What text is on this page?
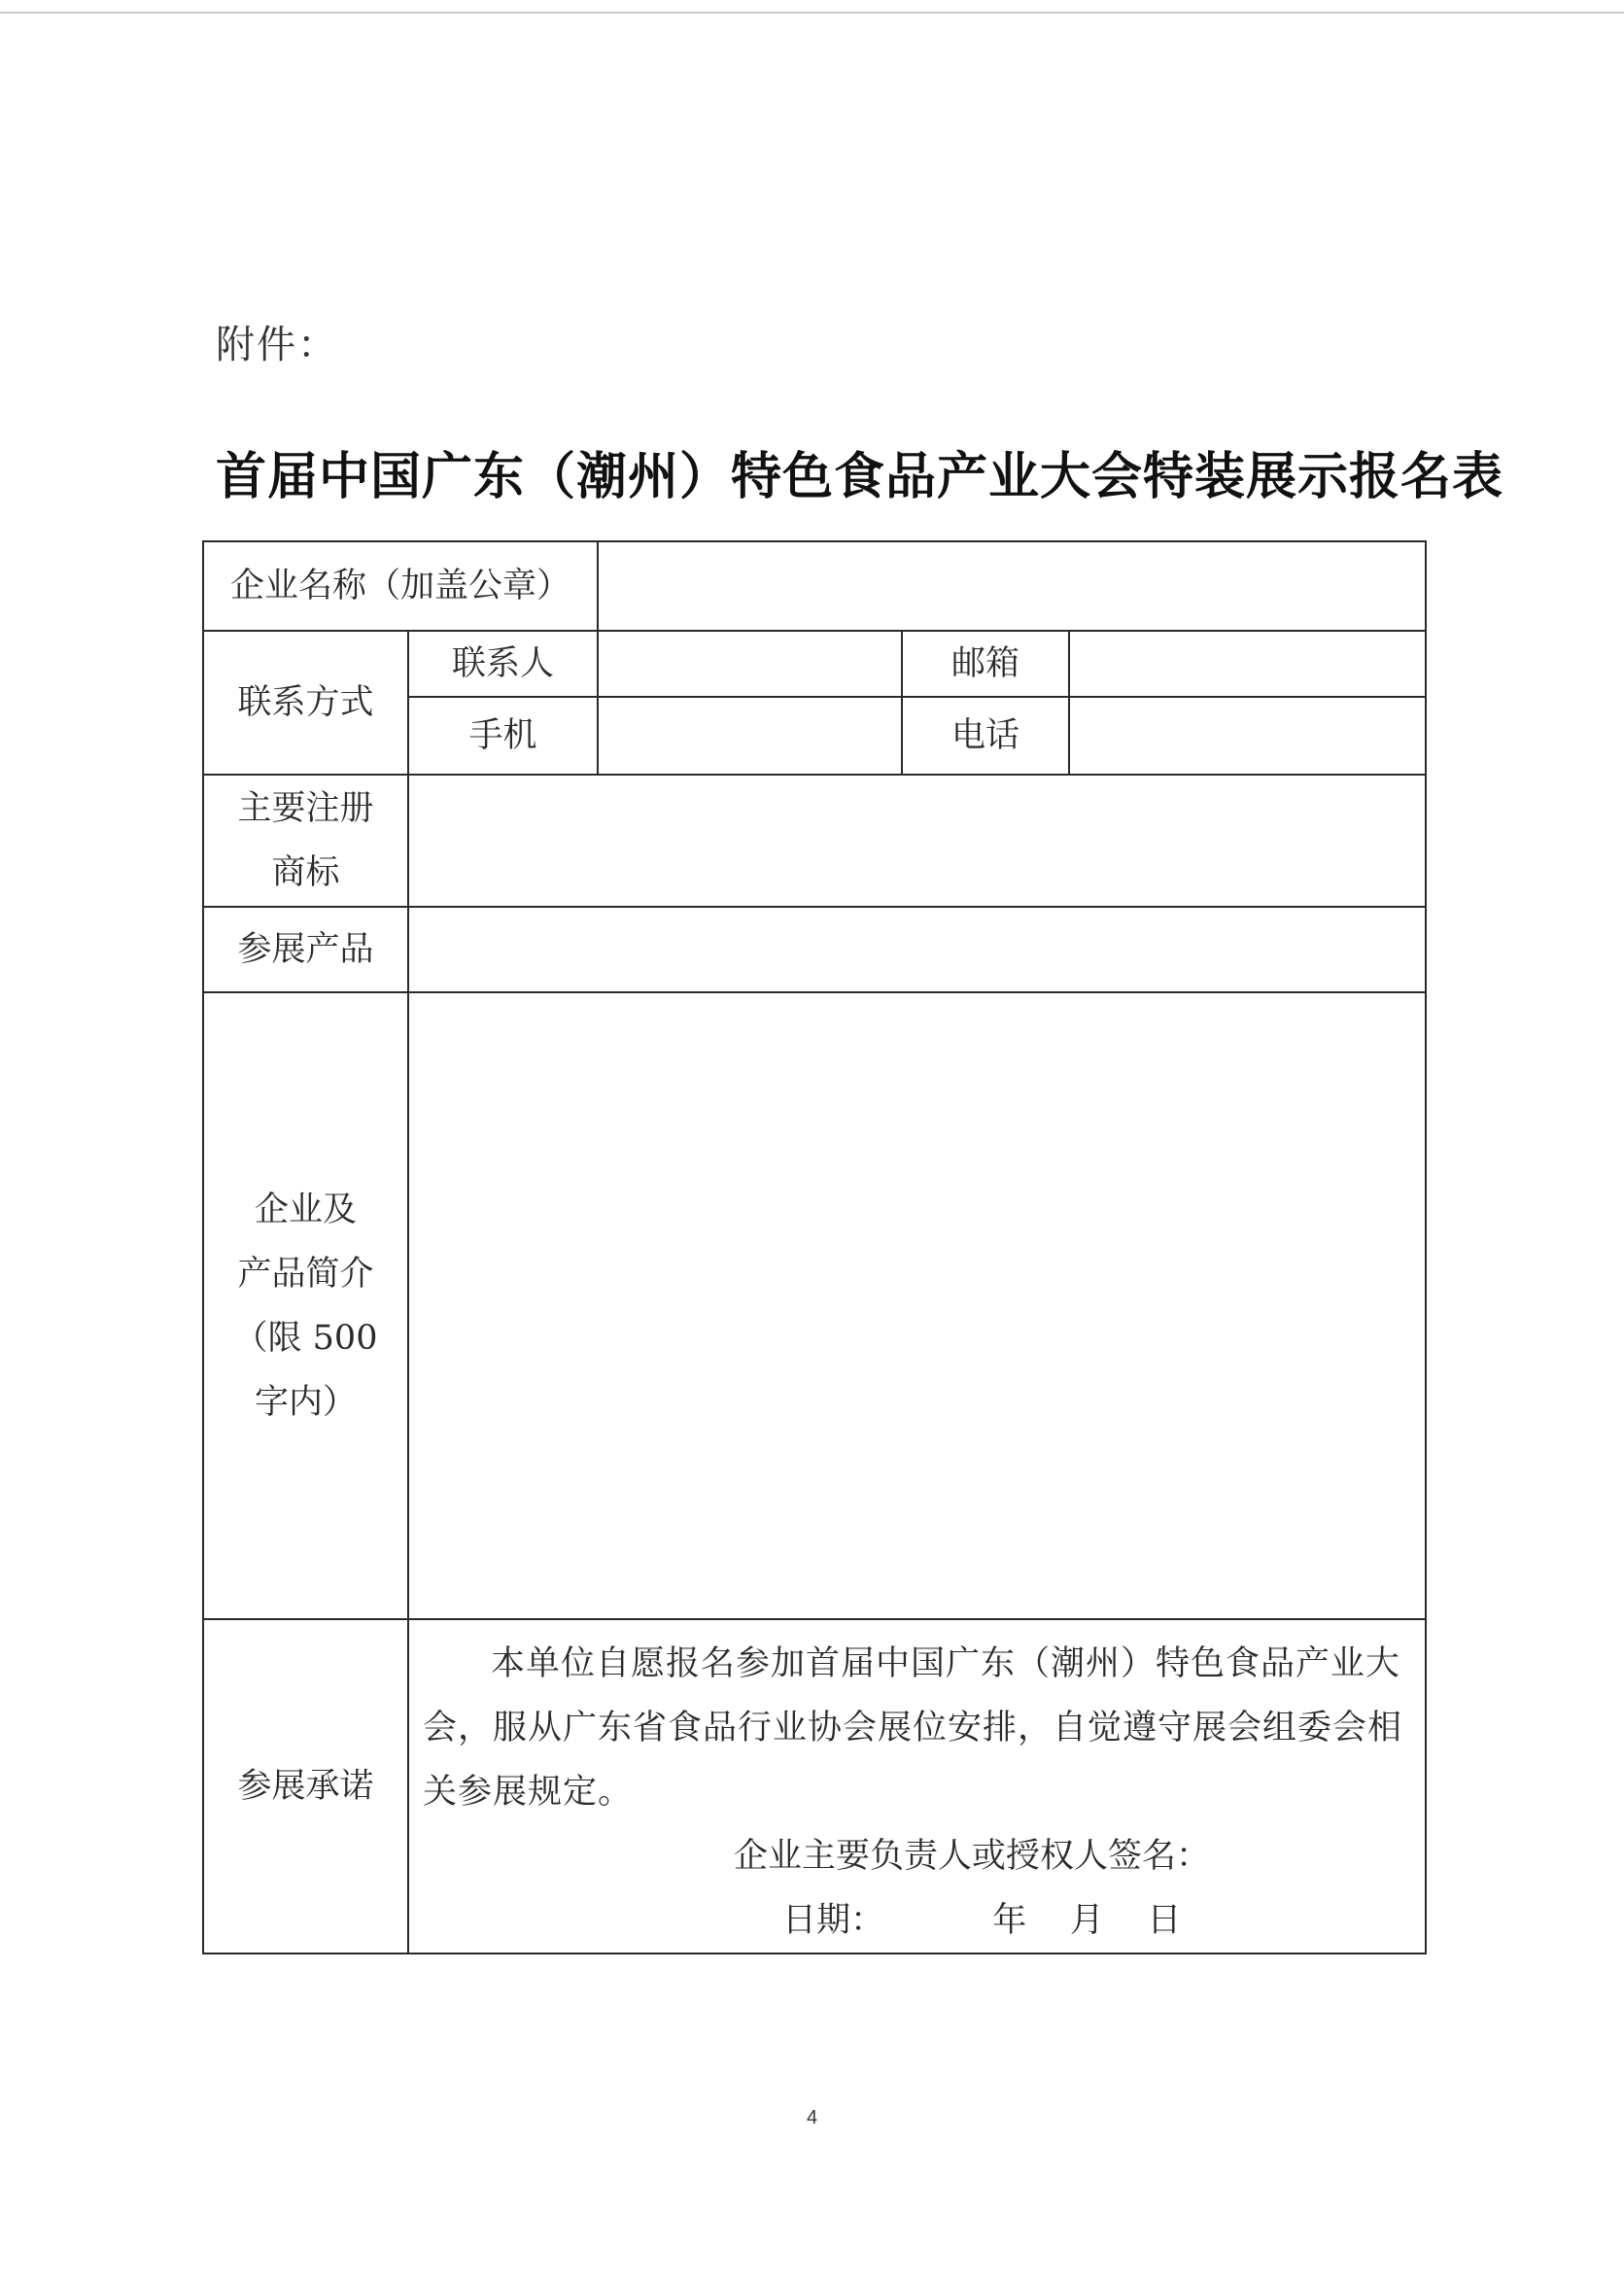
附件：
首届中国广东（潮州）特色食品产业大会特装展示报名表
企业名称（加盖公章）				
联系方式	联系人		邮箱	
	手机		电话	

主要注册
商标				

参展产品				

企业及
产品简介
（限 500
字内）				

参展承诺	本单位自愿报名参加首届中国广东（潮州）特色食品产业大会，服从广东省食品行业协会展位安排，自觉遵守展会组委会相关参展规定。
企业主要负责人或授权人签名：
日期： 年 月 日			
4
